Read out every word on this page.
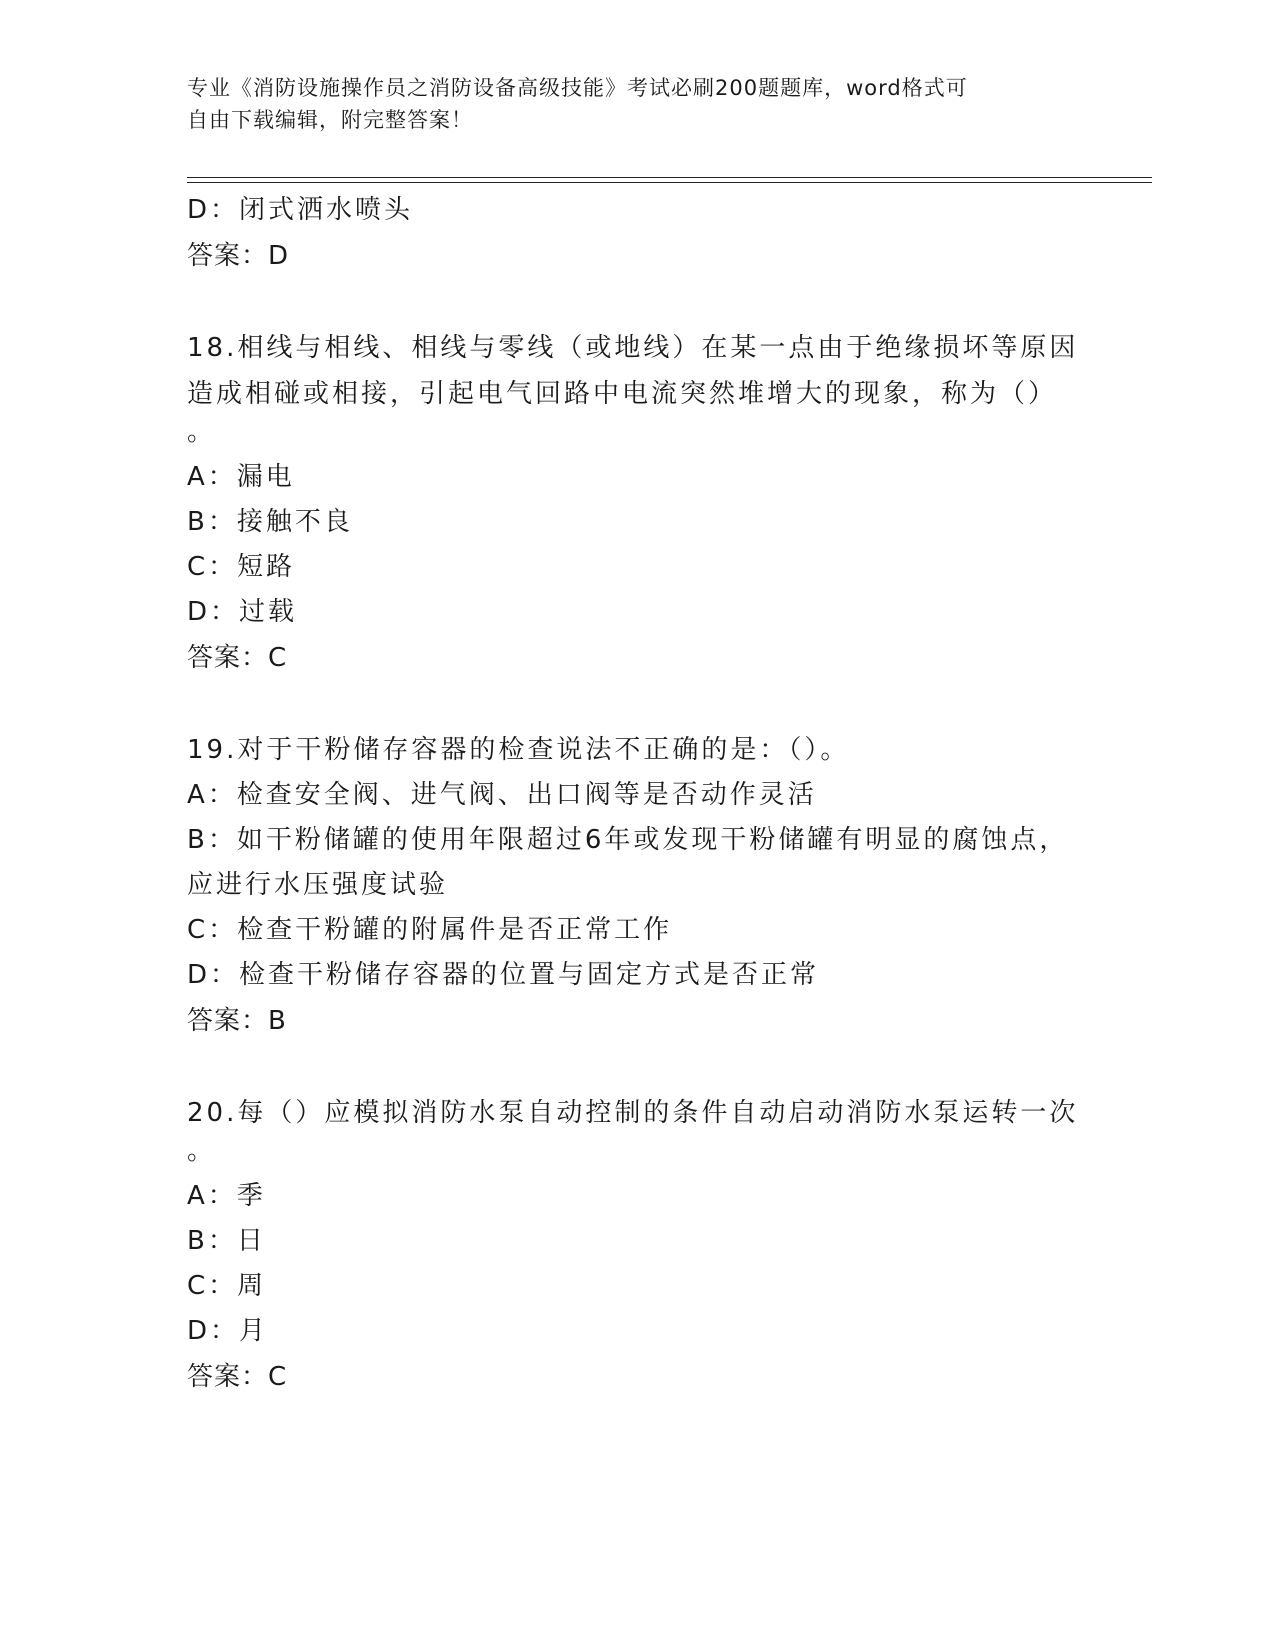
专业《消防设施操作员之消防设备高级技能》考试必刷200题题库，word格式可
自由下载编辑，附完整答案！
D：闭式洒水喷头
答案：D
18.相线与相线、相线与零线（或地线）在某一点由于绝缘损坏等原因
造成相碰或相接，引起电气回路中电流突然堆增大的现象，称为（）
。
A：漏电
B：接触不良
C：短路
D：过载
答案：C
19.对于干粉储存容器的检查说法不正确的是：（）。
A：检查安全阀、进气阀、出口阀等是否动作灵活
B：如干粉储罐的使用年限超过6年或发现干粉储罐有明显的腐蚀点，
应进行水压强度试验
C：检查干粉罐的附属件是否正常工作
D：检查干粉储存容器的位置与固定方式是否正常
答案：B
20.每（）应模拟消防水泵自动控制的条件自动启动消防水泵运转一次
。
A：季
B：日
C：周
D：月
答案：C
